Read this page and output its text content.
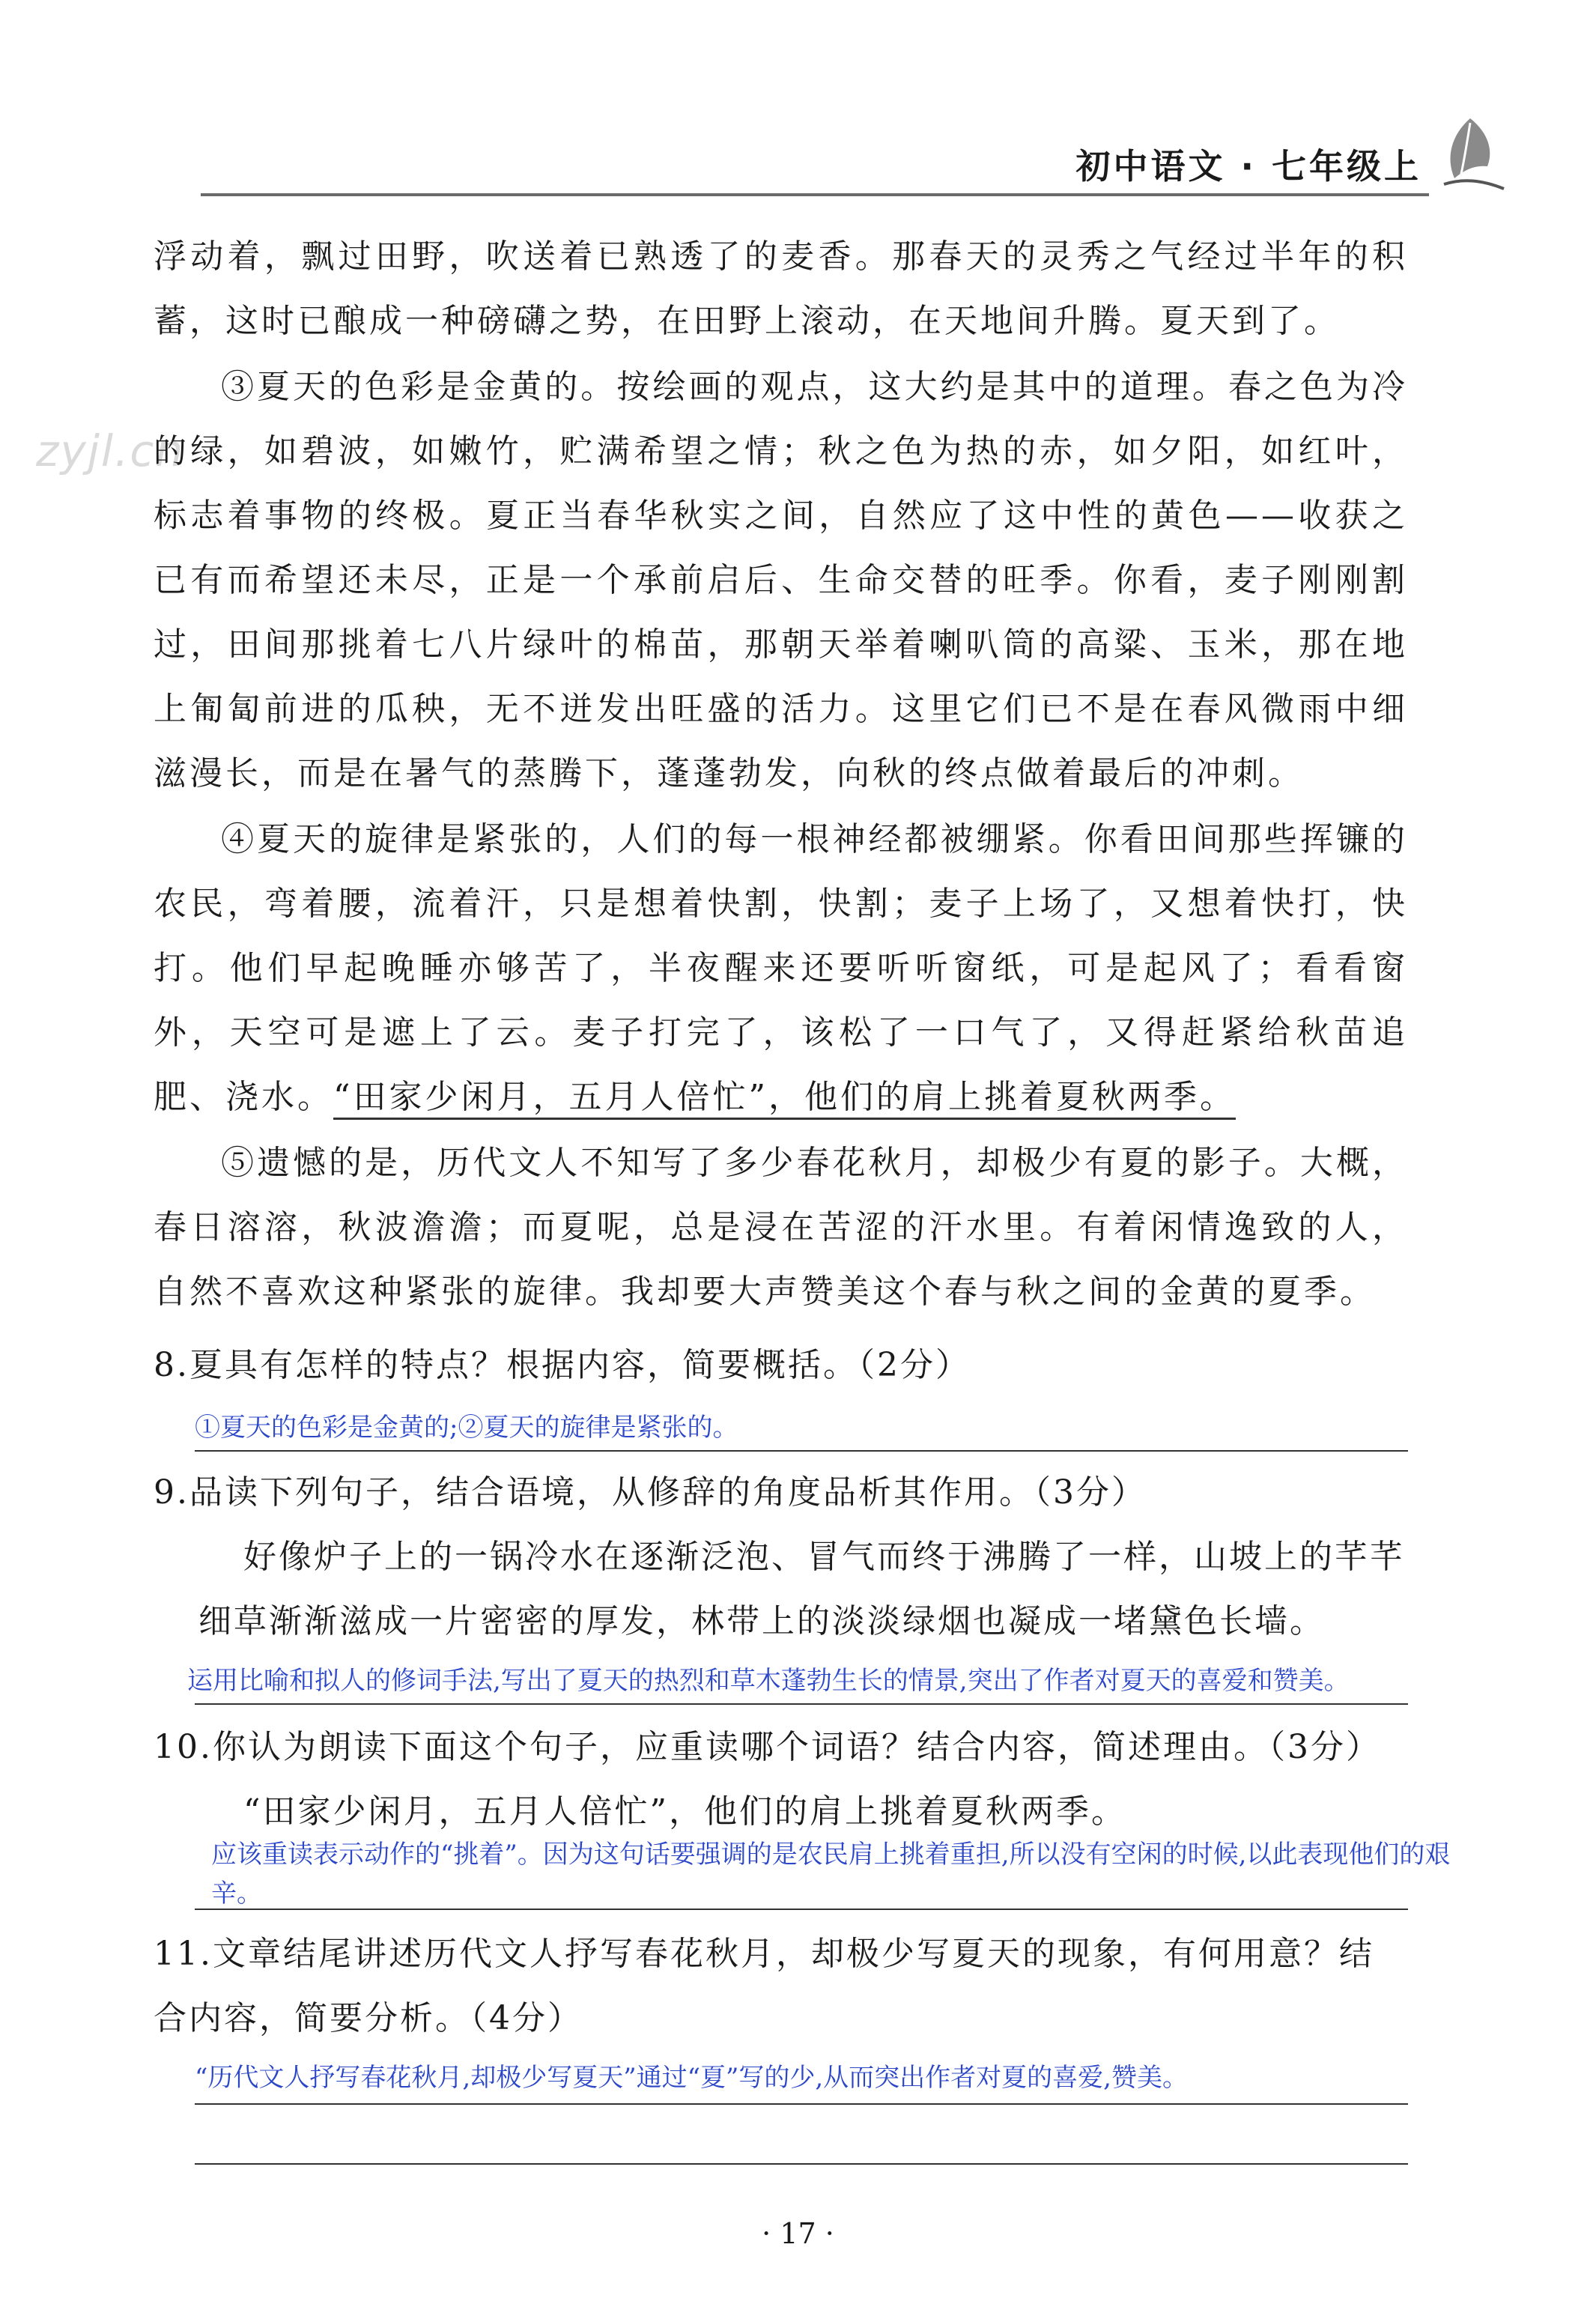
初中语文 · 七年级上
zyjl.cn

浮动着，飘过田野，吹送着已熟透了的麦香。那春天的灵秀之气经过半年的积蓄，这时已酿成一种磅礴之势，在田野上滚动，在天地间升腾。夏天到了。

③夏天的色彩是金黄的。按绘画的观点，这大约是其中的道理。春之色为冷的绿，如碧波，如嫩竹，贮满希望之情；秋之色为热的赤，如夕阳，如红叶，标志着事物的终极。夏正当春华秋实之间，自然应了这中性的黄色——收获之已有而希望还未尽，正是一个承前启后、生命交替的旺季。你看，麦子刚刚割过，田间那挑着七八片绿叶的棉苗，那朝天举着喇叭筒的高粱、玉米，那在地上匍匐前进的瓜秧，无不迸发出旺盛的活力。这里它们已不是在春风微雨中细滋漫长，而是在暑气的蒸腾下，蓬蓬勃发，向秋的终点做着最后的冲刺。

④夏天的旋律是紧张的，人们的每一根神经都被绷紧。你看田间那些挥镰的农民，弯着腰，流着汗，只是想着快割，快割；麦子上场了，又想着快打，快打。他们早起晚睡亦够苦了，半夜醒来还要听听窗纸，可是起风了；看看窗外，天空可是遮上了云。麦子打完了，该松了一口气了，又得赶紧给秋苗追肥、浇水。“田家少闲月，五月人倍忙”，他们的肩上挑着夏秋两季。

⑤遗憾的是，历代文人不知写了多少春花秋月，却极少有夏的影子。大概，春日溶溶，秋波澹澹；而夏呢，总是浸在苦涩的汗水里。有着闲情逸致的人，自然不喜欢这种紧张的旋律。我却要大声赞美这个春与秋之间的金黄的夏季。

8.夏具有怎样的特点？根据内容，简要概括。（2分）

①夏天的色彩是金黄的;②夏天的旋律是紧张的。

9.品读下列句子，结合语境，从修辞的角度品析其作用。（3分）

好像炉子上的一锅冷水在逐渐泛泡、冒气而终于沸腾了一样，山坡上的芊芊细草渐渐滋成一片密密的厚发，林带上的淡淡绿烟也凝成一堵黛色长墙。

运用比喻和拟人的修词手法,写出了夏天的热烈和草木蓬勃生长的情景,突出了作者对夏天的喜爱和赞美。

10.你认为朗读下面这个句子，应重读哪个词语？结合内容，简述理由。（3分）

“田家少闲月，五月人倍忙”，他们的肩上挑着夏秋两季。

应该重读表示动作的“挑着”。因为这句话要强调的是农民肩上挑着重担,所以没有空闲的时候,以此表现他们的艰辛。

11.文章结尾讲述历代文人抒写春花秋月，却极少写夏天的现象，有何用意？结合内容，简要分析。（4分）

“历代文人抒写春花秋月,却极少写夏天”通过“夏”写的少,从而突出作者对夏的喜爱,赞美。

· 17 ·
